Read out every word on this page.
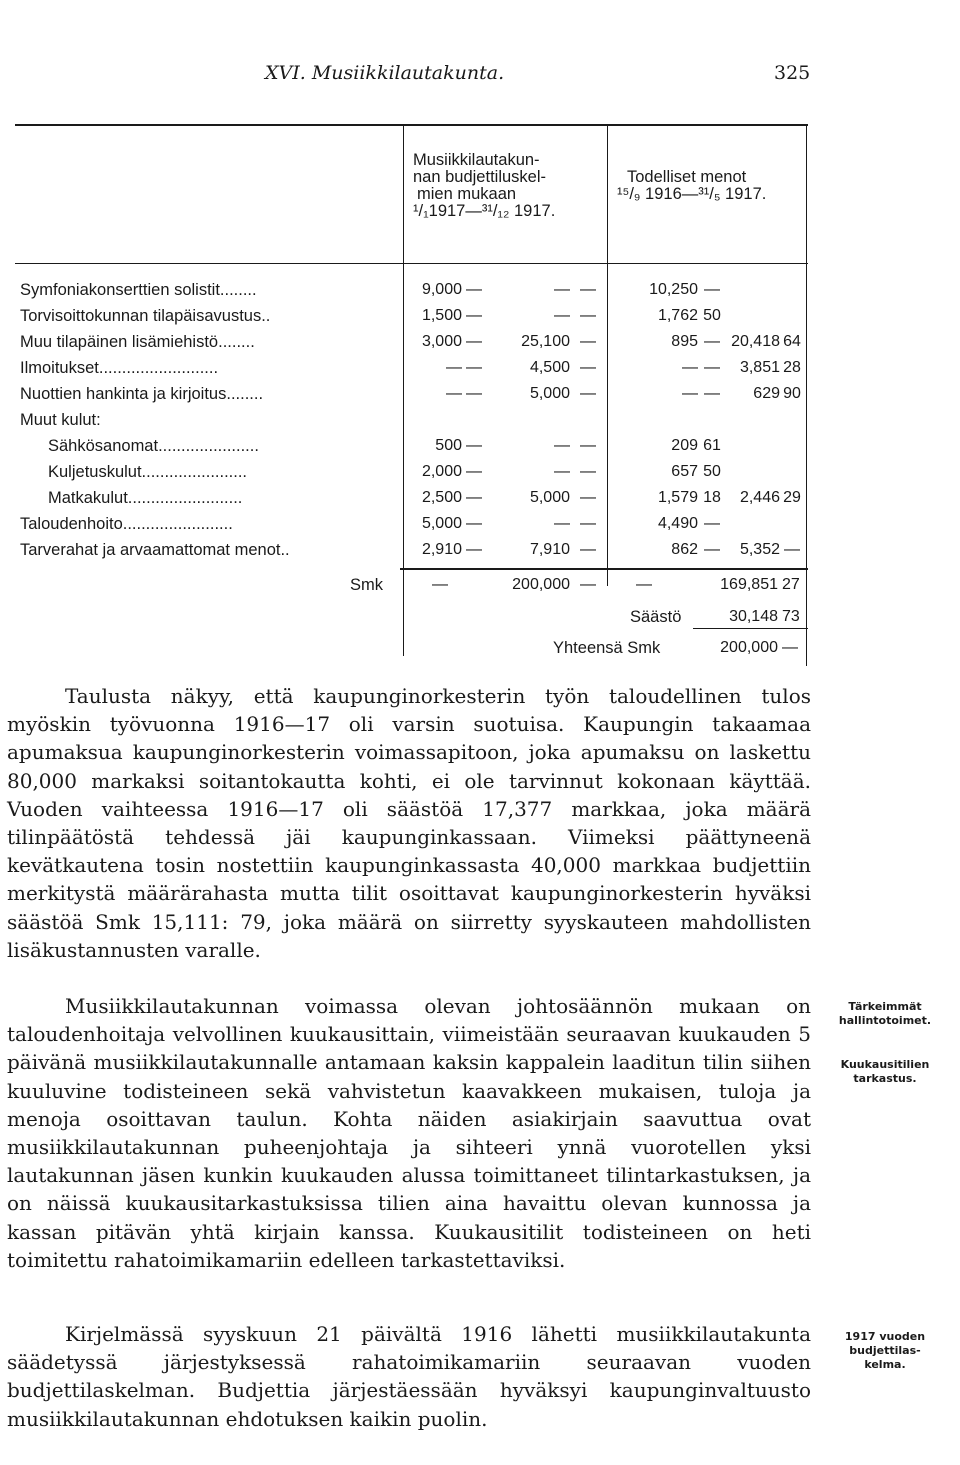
XVI. Musiikkilautakunta.	325
Musiikkilautakun-
nan budjettiluskel-
mien mukaan
¹/₁1917—³¹/₁₂ 1917.
Todelliset menot
¹⁵/₉ 1916—³¹/₅ 1917.
Symfoniakonserttien solistit........	9,000 —	— —	10,250 —
Torvisoittokunnan tilapäisavustus..	1,500 —	— —	1,762 50
Muu tilapäinen lisämiehistö........	3,000 —	25,100 —	895 — 20,418 64
Ilmoitukset..........................	— —	4,500 —	— —	3,851 28
Nuottien hankinta ja kirjoitus........	— —	5,000 —	— —	629 90
Muut kulut:
Sähkösanomat......................	500 —	— —	209 61
Kuljetuskulut.......................	2,000 —	— —	657 50
Matkakulut.........................	2,500 —	5,000 —	1,579 18	2,446 29
Taloudenhoito........................	5,000 —	— —	4,490 —
Tarverahat ja arvaamattomat menot..	2,910 —	7,910 —	862 —	5,352 —
Smk	—	200,000 —	—	169,851 27
Säästö	30,148 73
Yhteensä Smk	200,000 —

Taulusta näkyy, että kaupunginorkesterin työn taloudellinen tulos myöskin työvuonna 1916—17 oli varsin suotuisa. Kaupungin takaamaa apumaksua kaupunginorkesterin voimassapitoon, joka apumaksu on laskettu 80,000 markaksi soitantokautta kohti, ei ole tarvinnut kokonaan käyttää. Vuoden vaihteessa 1916—17 oli säästöä 17,377 markkaa, joka määrä tilinpäätöstä tehdessä jäi kaupunginkassaan. Viimeksi päättyneenä kevätkautena tosin nostettiin kaupunginkassasta 40,000 markkaa budjettiin merkitystä määrärahasta mutta tilit osoittavat kaupunginorkesterin hyväksi säästöä Smk 15,111: 79, joka määrä on siirretty syyskauteen mahdollisten lisäkustannusten varalle.

Musiikkilautakunnan voimassa olevan johtosäännön mukaan on taloudenhoitaja velvollinen kuukausittain, viimeistään seuraavan kuukauden 5 päivänä musiikkilautakunnalle antamaan kaksin kappalein laaditun tilin siihen kuuluvine todisteineen sekä vahvistetun kaavakkeen mukaisen, tuloja ja menoja osoittavan taulun. Kohta näiden asiakirjain saavuttua ovat musiikkilautakunnan puheenjohtaja ja sihteeri ynnä vuorotellen yksi lautakunnan jäsen kunkin kuukauden alussa toimittaneet tilintarkastuksen, ja on näissä kuukausitarkastuksissa tilien aina havaittu olevan kunnossa ja kassan pitävän yhtä kirjain kanssa. Kuukausitilit todisteineen on heti toimitettu rahatoimikamariin edelleen tarkastettaviksi.

Kirjelmässä syyskuun 21 päivältä 1916 lähetti musiikkilautakunta säädetyssä järjestyksessä rahatoimikamariin seuraavan vuoden budjettilaskelman. Budjettia järjestäessään hyväksyi kaupunginvaltuusto musiikkilautakunnan ehdotuksen kaikin puolin.

Tärkeimmät
hallintotoimet.
Kuukausitilien
tarkastus.
1917 vuoden
budjettilas-
kelma.
